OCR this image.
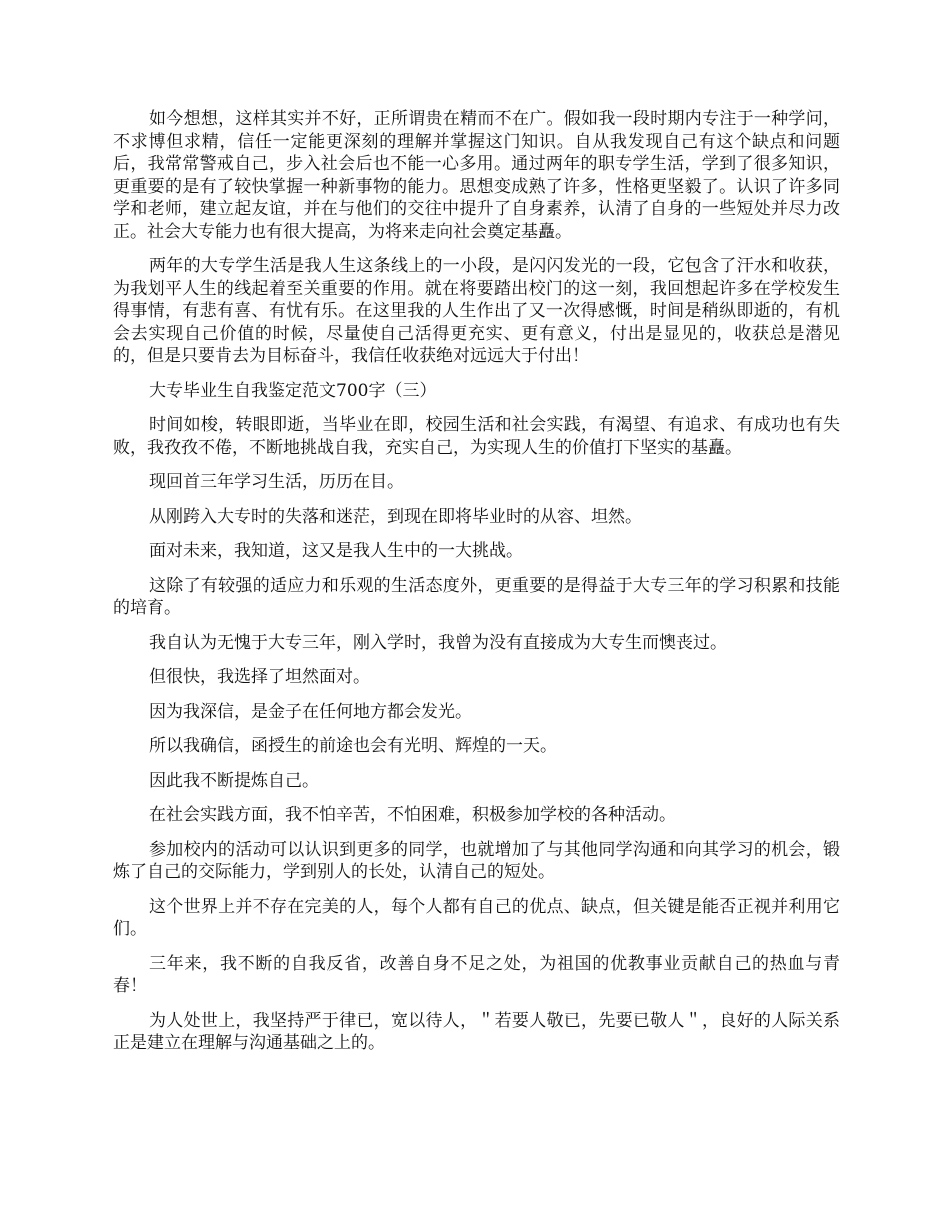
如今想想，这样其实并不好，正所谓贵在精而不在广。假如我一段时期内专注于一种学问，不求博但求精，信任一定能更深刻的理解并掌握这门知识。自从我发现自己有这个缺点和问题后，我常常警戒自己，步入社会后也不能一心多用。通过两年的职专学生活，学到了很多知识，更重要的是有了较快掌握一种新事物的能力。思想变成熟了许多，性格更坚毅了。认识了许多同学和老师，建立起友谊，并在与他们的交往中提升了自身素养，认清了自身的一些短处并尽力改正。社会大专能力也有很大提高，为将来走向社会奠定基矗。

两年的大专学生活是我人生这条线上的一小段，是闪闪发光的一段，它包含了汗水和收获，为我划平人生的线起着至关重要的作用。就在将要踏出校门的这一刻，我回想起许多在学校发生得事情，有悲有喜、有忧有乐。在这里我的人生作出了又一次得感慨，时间是稍纵即逝的，有机会去实现自己价值的时候，尽量使自己活得更充实、更有意义，付出是显见的，收获总是潜见的，但是只要肯去为目标奋斗，我信任收获绝对远远大于付出！

大专毕业生自我鉴定范文700字（三）

时间如梭，转眼即逝，当毕业在即，校园生活和社会实践，有渴望、有追求、有成功也有失败，我孜孜不倦，不断地挑战自我，充实自己，为实现人生的价值打下坚实的基矗。

现回首三年学习生活，历历在目。

从刚跨入大专时的失落和迷茫，到现在即将毕业时的从容、坦然。

面对未来，我知道，这又是我人生中的一大挑战。

这除了有较强的适应力和乐观的生活态度外，更重要的是得益于大专三年的学习积累和技能的培育。

我自认为无愧于大专三年，刚入学时，我曾为没有直接成为大专生而懊丧过。

但很快，我选择了坦然面对。

因为我深信，是金子在任何地方都会发光。

所以我确信，函授生的前途也会有光明、辉煌的一天。

因此我不断提炼自己。

在社会实践方面，我不怕辛苦，不怕困难，积极参加学校的各种活动。

参加校内的活动可以认识到更多的同学，也就增加了与其他同学沟通和向其学习的机会，锻炼了自己的交际能力，学到别人的长处，认清自己的短处。

这个世界上并不存在完美的人，每个人都有自己的优点、缺点，但关键是能否正视并利用它们。

三年来，我不断的自我反省，改善自身不足之处，为祖国的优教事业贡献自己的热血与青春！

为人处世上，我坚持严于律已，宽以待人，＂若要人敬已，先要已敬人＂，良好的人际关系正是建立在理解与沟通基础之上的。
